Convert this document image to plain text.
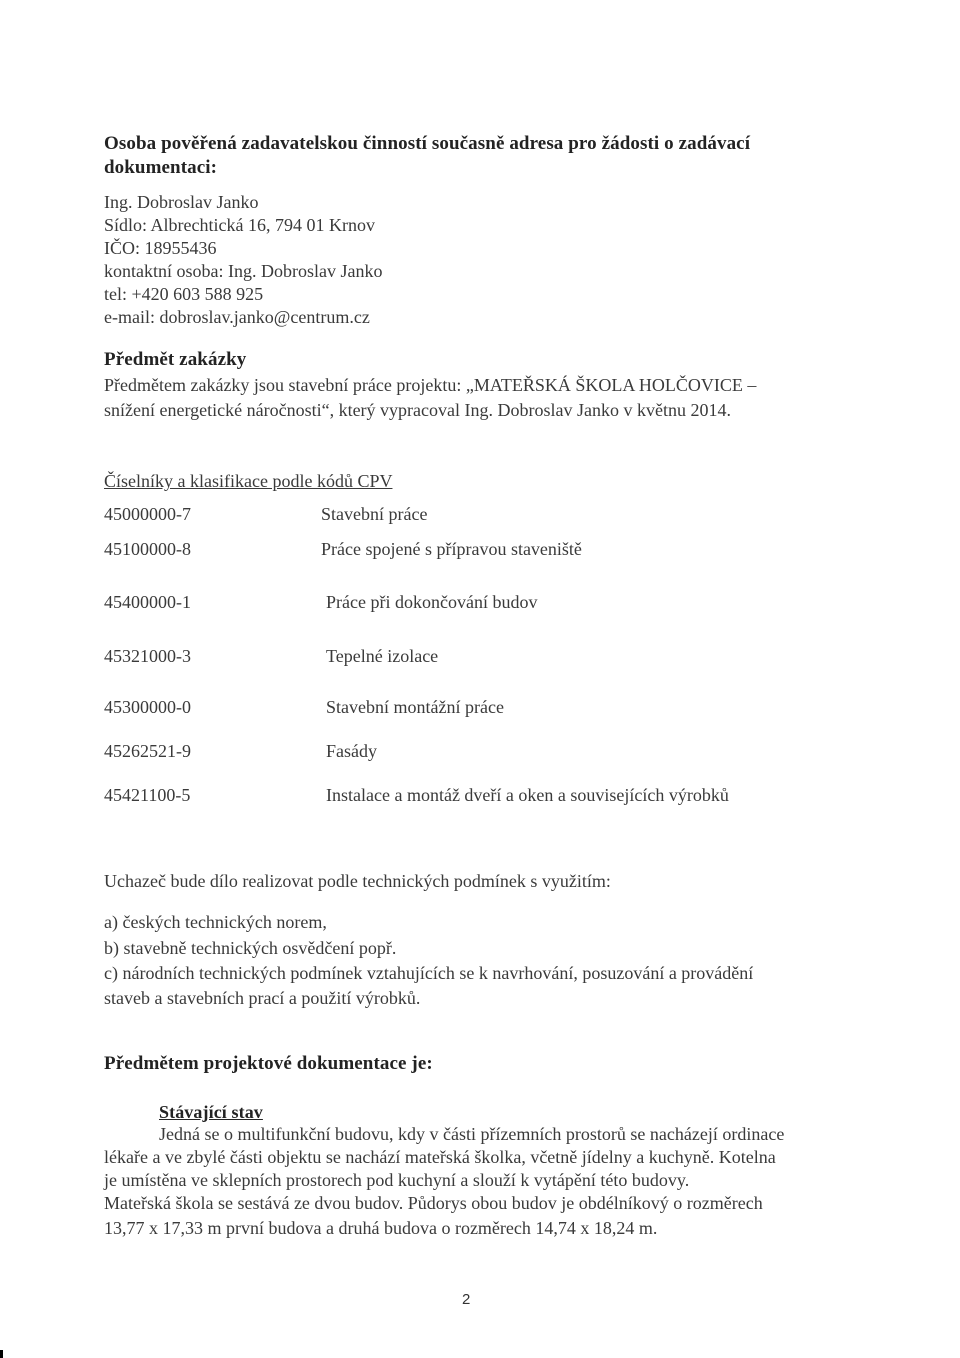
Osoba pověřená zadavatelskou činností současně adresa pro žádosti o zadávací
dokumentaci:
Ing. Dobroslav Janko
Sídlo: Albrechtická 16, 794 01 Krnov
IČO: 18955436
kontaktní osoba: Ing. Dobroslav Janko
tel: +420 603 588 925
e-mail: dobroslav.janko@centrum.cz
Předmět zakázky
Předmětem zakázky jsou stavební práce projektu: „MATEŘSKÁ ŠKOLA HOLČOVICE –
snížení energetické náročnosti“, který vypracoval Ing. Dobroslav Janko v květnu 2014.
Číselníky a klasifikace podle kódů CPV
45000000-7	Stavební práce
45100000-8	Práce spojené s přípravou staveniště
45400000-1	Práce při dokončování budov
45321000-3	Tepelné izolace
45300000-0	Stavební montážní práce
45262521-9	Fasády
45421100-5	Instalace a montáž dveří a oken a souvisejících výrobků
Uchazeč bude dílo realizovat podle technických podmínek s využitím:
a) českých technických norem,
b) stavebně technických osvědčení popř.
c) národních technických podmínek vztahujících se k navrhování, posuzování a provádění
staveb a stavebních prací a použití výrobků.
Předmětem projektové dokumentace je:
Stávající stav
Jedná se o multifunkční budovu, kdy v části přízemních prostorů se nacházejí ordinace
lékaře a ve zbylé části objektu se nachází mateřská školka, včetně jídelny a kuchyně. Kotelna
je umístěna ve sklepních prostorech pod kuchyní a slouží k vytápění této budovy.
Mateřská škola se sestává ze dvou budov. Půdorys obou budov je obdélníkový o rozměrech
13,77 x 17,33 m první budova a druhá budova o rozměrech 14,74 x 18,24 m.
2
